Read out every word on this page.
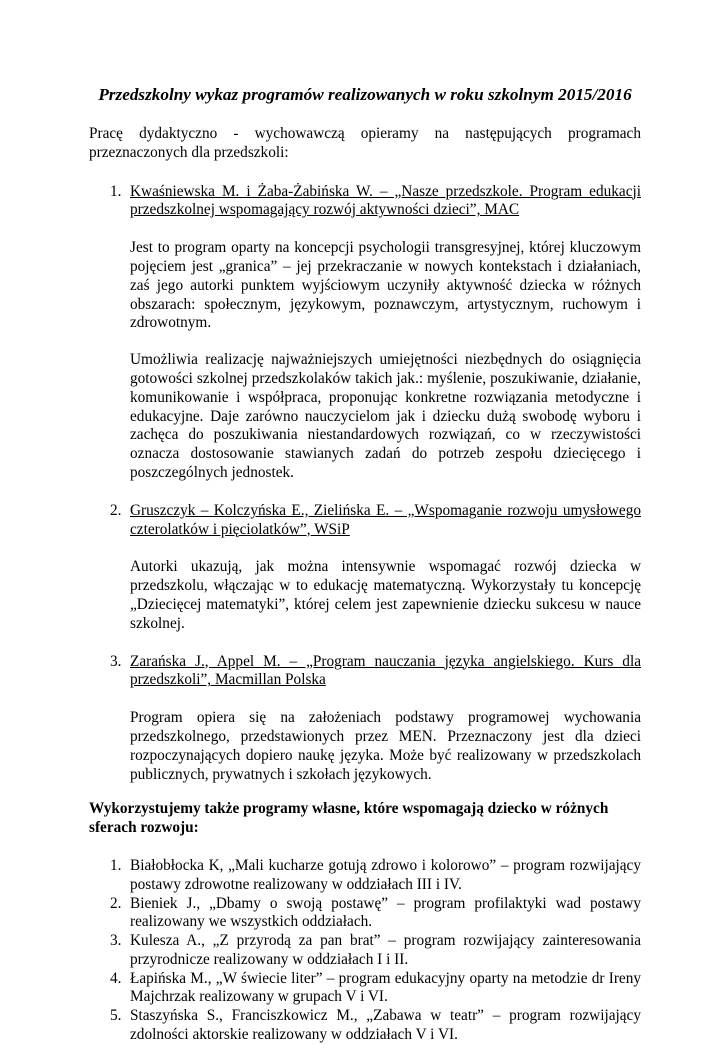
Przedszkolny wykaz programów realizowanych w roku szkolnym 2015/2016

Pracę dydaktyczno - wychowawczą opieramy na następujących programach przeznaczonych dla przedszkoli:

1. Kwaśniewska M. i Żaba-Żabińska W. – „Nasze przedszkole. Program edukacji przedszkolnej wspomagający rozwój aktywności dzieci”, MAC

Jest to program oparty na koncepcji psychologii transgresyjnej, której kluczowym pojęciem jest „granica” – jej przekraczanie w nowych kontekstach i działaniach, zaś jego autorki punktem wyjściowym uczyniły aktywność dziecka w różnych obszarach: społecznym, językowym, poznawczym, artystycznym, ruchowym i zdrowotnym.

Umożliwia realizację najważniejszych umiejętności niezbędnych do osiągnięcia gotowości szkolnej przedszkolaków takich jak.: myślenie, poszukiwanie, działanie, komunikowanie i współpraca, proponując konkretne rozwiązania metodyczne i edukacyjne. Daje zarówno nauczycielom jak i dziecku dużą swobodę wyboru i zachęca do poszukiwania niestandardowych rozwiązań, co w rzeczywistości oznacza dostosowanie stawianych zadań do potrzeb zespołu dziecięcego i poszczególnych jednostek.

2. Gruszczyk – Kolczyńska E., Zielińska E. – „Wspomaganie rozwoju umysłowego czterolatków i pięciolatków”, WSiP

Autorki ukazują, jak można intensywnie wspomagać rozwój dziecka w przedszkolu, włączając w to edukację matematyczną. Wykorzystały tu koncepcję „Dziecięcej matematyki”, której celem jest zapewnienie dziecku sukcesu w nauce szkolnej.

3. Zarańska J., Appel M. – „Program nauczania języka angielskiego. Kurs dla przedszkoli”, Macmillan Polska

Program opiera się na założeniach podstawy programowej wychowania przedszkolnego, przedstawionych przez MEN. Przeznaczony jest dla dzieci rozpoczynających dopiero naukę języka. Może być realizowany w przedszkolach publicznych, prywatnych i szkołach językowych.

Wykorzystujemy także programy własne, które wspomagają dziecko w różnych sferach rozwoju:

1. Białobłocka K, „Mali kucharze gotują zdrowo i kolorowo” – program rozwijający postawy zdrowotne realizowany w oddziałach III i IV.
2. Bieniek J., „Dbamy o swoją postawę” – program profilaktyki wad postawy realizowany we wszystkich oddziałach.
3. Kulesza A., „Z przyrodą za pan brat” – program rozwijający zainteresowania przyrodnicze realizowany w oddziałach I i II.
4. Łapińska M., „W świecie liter” – program edukacyjny oparty na metodzie dr Ireny Majchrzak realizowany w grupach V i VI.
5. Staszyńska S., Franciszkowicz M., „Zabawa w teatr” – program rozwijający zdolności aktorskie realizowany w oddziałach V i VI.
